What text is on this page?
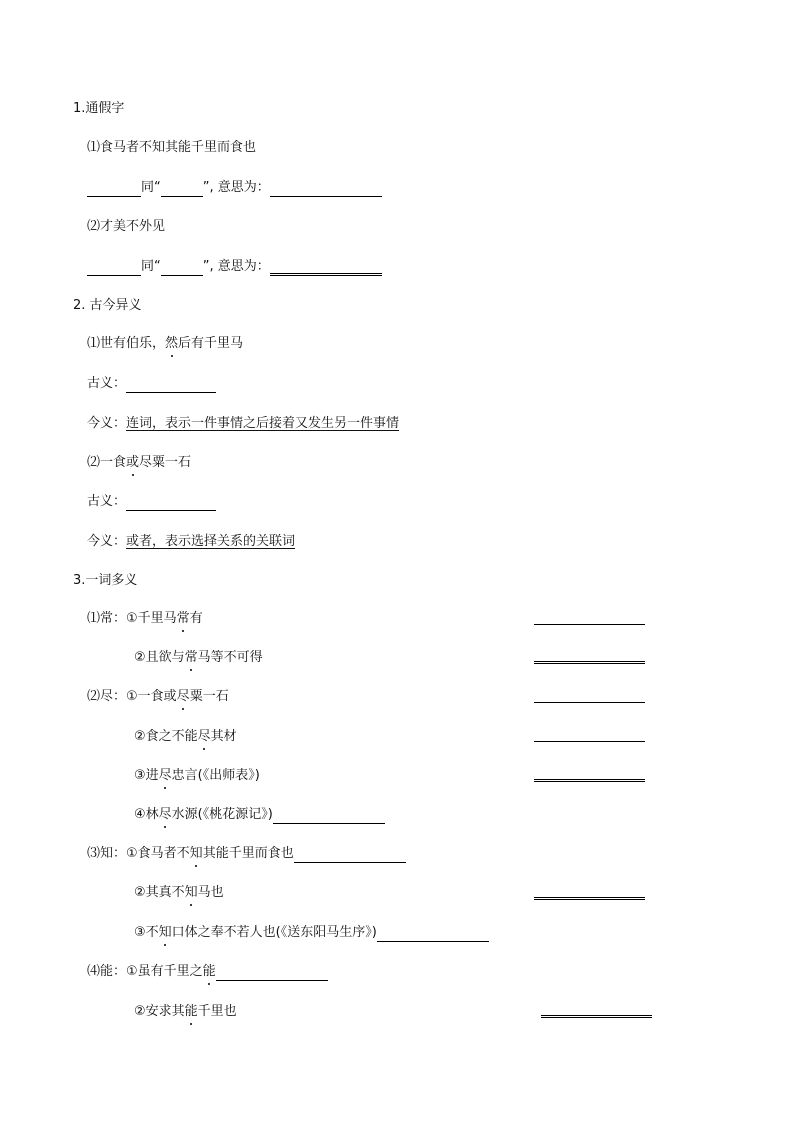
1.通假字
⑴食马者不知其能千里而食也
同“	”, 意思为：
⑵才美不外见
同“	”, 意思为：
2. 古今异义
⑴世有伯乐，然后有千里马
古义：
今义：连词，表示一件事情之后接着又发生另一件事情
⑵一食或尽粟一石
古义：
今义：或者，表示选择关系的关联词
3.一词多义
⑴常：①千里马常有
②且欲与常马等不可得
⑵尽：①一食或尽粟一石
②食之不能尽其材
③进尽忠言(《出师表》)
④林尽水源(《桃花源记》)
⑶知：①食马者不知其能千里而食也
②其真不知马也
③不知口体之奉不若人也(《送东阳马生序》)
⑷能：①虽有千里之能
②安求其能千里也
